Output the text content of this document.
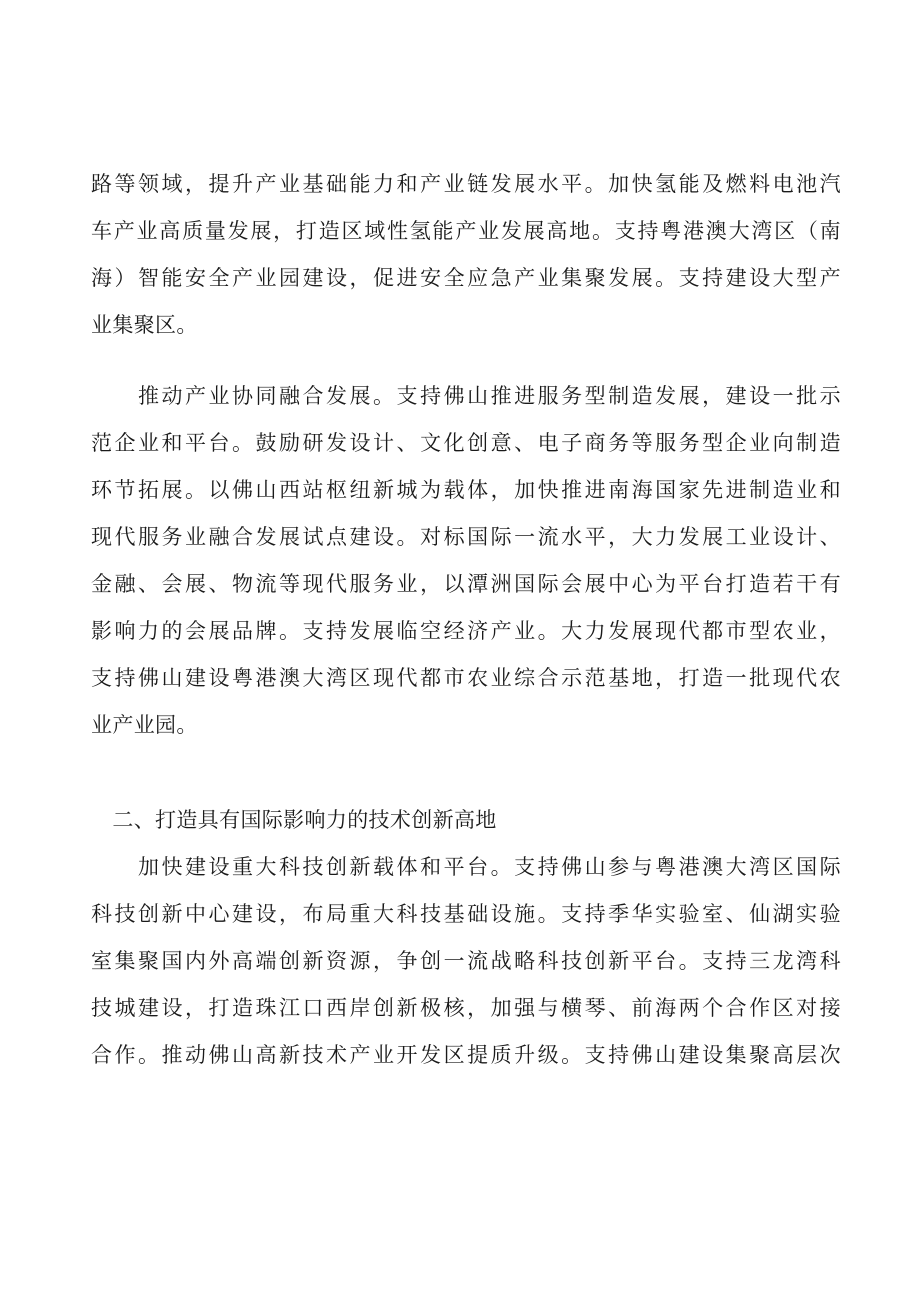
路等领域，提升产业基础能力和产业链发展水平。加快氢能及燃料电池汽
车产业高质量发展，打造区域性氢能产业发展高地。支持粤港澳大湾区（南
海）智能安全产业园建设，促进安全应急产业集聚发展。支持建设大型产
业集聚区。

　　推动产业协同融合发展。支持佛山推进服务型制造发展，建设一批示
范企业和平台。鼓励研发设计、文化创意、电子商务等服务型企业向制造
环节拓展。以佛山西站枢纽新城为载体，加快推进南海国家先进制造业和
现代服务业融合发展试点建设。对标国际一流水平，大力发展工业设计、
金融、会展、物流等现代服务业，以潭洲国际会展中心为平台打造若干有
影响力的会展品牌。支持发展临空经济产业。大力发展现代都市型农业，
支持佛山建设粤港澳大湾区现代都市农业综合示范基地，打造一批现代农
业产业园。

　二、打造具有国际影响力的技术创新高地

　　加快建设重大科技创新载体和平台。支持佛山参与粤港澳大湾区国际
科技创新中心建设，布局重大科技基础设施。支持季华实验室、仙湖实验
室集聚国内外高端创新资源，争创一流战略科技创新平台。支持三龙湾科
技城建设，打造珠江口西岸创新极核，加强与横琴、前海两个合作区对接
合作。推动佛山高新技术产业开发区提质升级。支持佛山建设集聚高层次
